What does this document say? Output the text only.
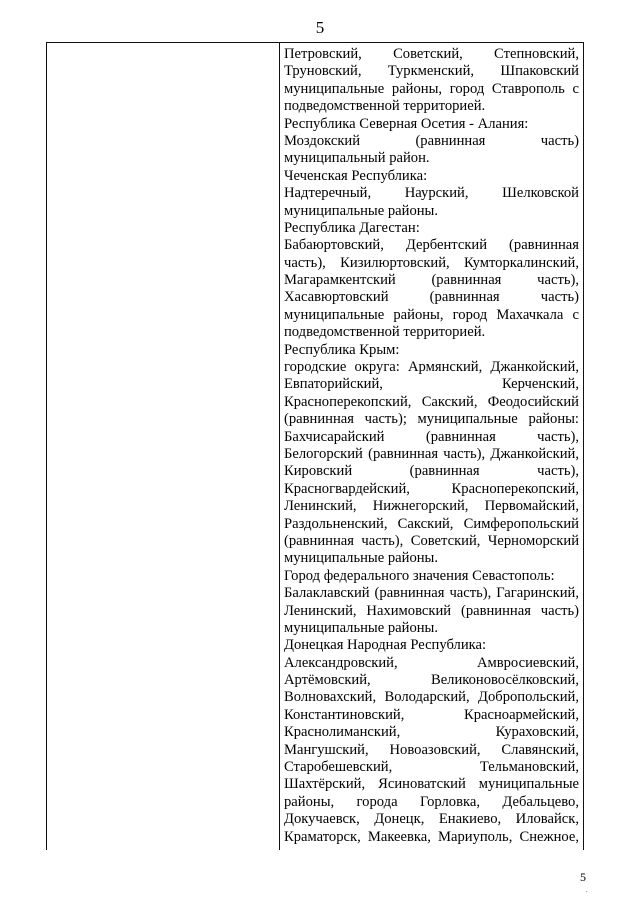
5
Петровский, Советский, Степновский,
Труновский, Туркменский, Шпаковский
муниципальные районы, город Ставрополь с
подведомственной территорией.
Республика Северная Осетия - Алания:
Моздокский (равнинная часть)
муниципальный район.
Чеченская Республика:
Надтеречный, Наурский, Шелковской
муниципальные районы.
Республика Дагестан:
Бабаюртовский, Дербентский (равнинная
часть), Кизилюртовский, Кумторкалинский,
Магарамкентский (равнинная часть),
Хасавюртовский (равнинная часть)
муниципальные районы, город Махачкала с
подведомственной территорией.
Республика Крым:
городские округа: Армянский, Джанкойский,
Евпаторийский, Керченский,
Красноперекопский, Сакский, Феодосийский
(равнинная часть); муниципальные районы:
Бахчисарайский (равнинная часть),
Белогорский (равнинная часть), Джанкойский,
Кировский (равнинная часть),
Красногвардейский, Красноперекопский,
Ленинский, Нижнегорский, Первомайский,
Раздольненский, Сакский, Симферопольский
(равнинная часть), Советский, Черноморский
муниципальные районы.
Город федерального значения Севастополь:
Балаклавский (равнинная часть), Гагаринский,
Ленинский, Нахимовский (равнинная часть)
муниципальные районы.
Донецкая Народная Республика:
Александровский, Амвросиевский,
Артёмовский, Великоновосёлковский,
Волновахский, Володарский, Добропольский,
Константиновский, Красноармейский,
Краснолиманский, Кураховский,
Мангушский, Новоазовский, Славянский,
Старобешевский, Тельмановский,
Шахтёрский, Ясиноватский муниципальные
районы, города Горловка, Дебальцево,
Докучаевск, Донецк, Енакиево, Иловайск,
Краматорск, Макеевка, Мариуполь, Снежное,
5
·
